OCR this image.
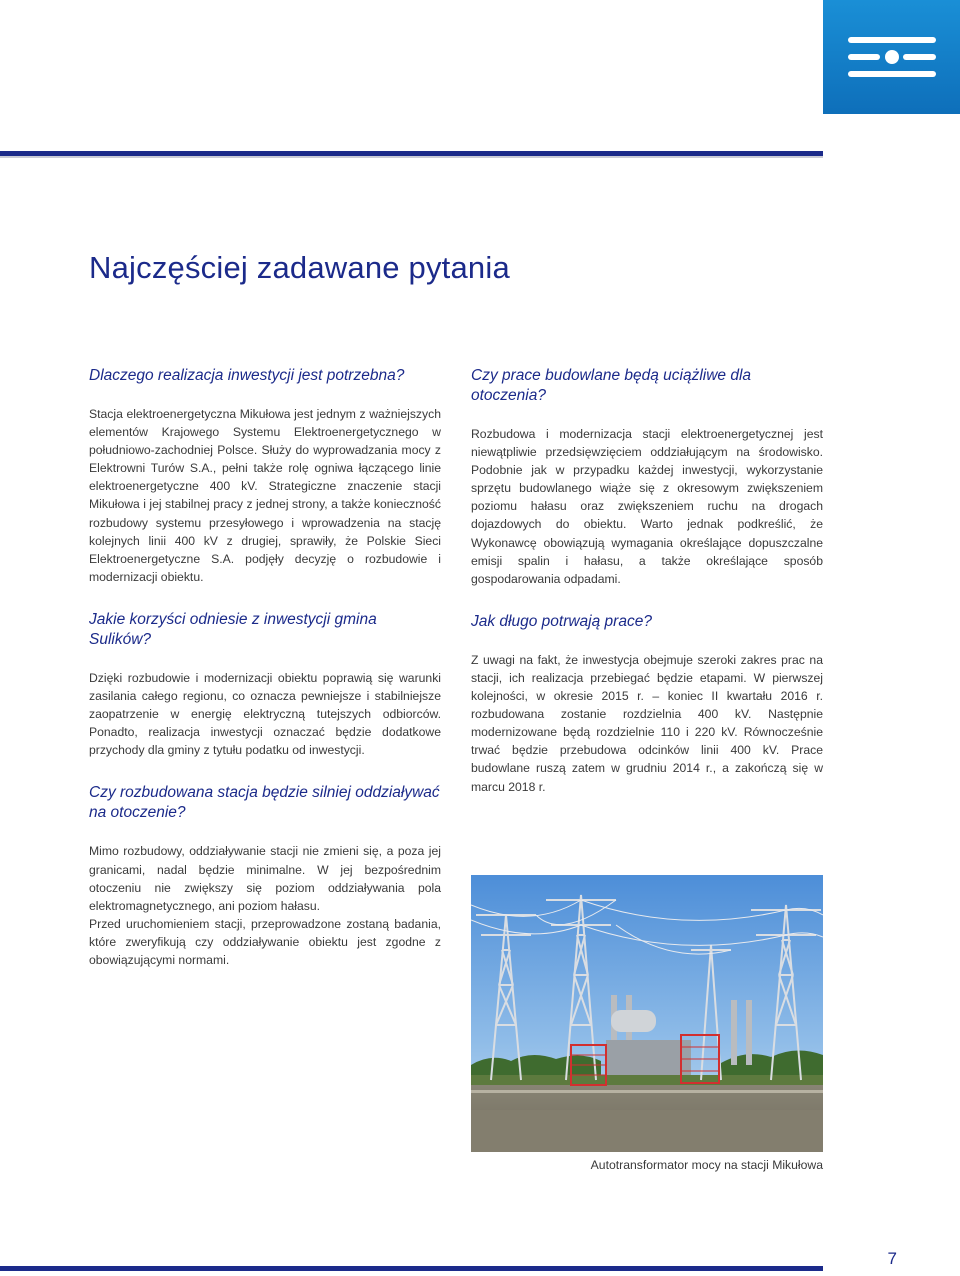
Najczęściej zadawane pytania
Dlaczego realizacja inwestycji jest potrzebna?

Stacja elektroenergetyczna Mikułowa jest jednym z ważniejszych elementów Krajowego Systemu Elektroenergetycznego w południowo-zachodniej Polsce. Służy do wyprowadzania mocy z Elektrowni Turów S.A., pełni także rolę ogniwa łączącego linie elektroenergetyczne 400 kV. Strategiczne znaczenie stacji Mikułowa i jej stabilnej pracy z jednej strony, a także konieczność rozbudowy systemu przesyłowego i wprowadzenia na stację kolejnych linii 400 kV z drugiej, sprawiły, że Polskie Sieci Elektroenergetyczne S.A. podjęły decyzję o rozbudowie i modernizacji obiektu.

Jakie korzyści odniesie z inwestycji gmina Sulików?

Dzięki rozbudowie i modernizacji obiektu poprawią się warunki zasilania całego regionu, co oznacza pewniejsze i stabilniejsze zaopatrzenie w energię elektryczną tutejszych odbiorców. Ponadto, realizacja inwestycji oznaczać będzie dodatkowe przychody dla gminy z tytułu podatku od inwestycji.

Czy rozbudowana stacja będzie silniej oddziaływać na otoczenie?

Mimo rozbudowy, oddziaływanie stacji nie zmieni się, a poza jej granicami, nadal będzie minimalne. W jej bezpośrednim otoczeniu nie zwiększy się poziom oddziaływania pola elektromagnetycznego, ani poziom hałasu.

Przed uruchomieniem stacji, przeprowadzone zostaną badania, które zweryfikują czy oddziaływanie obiektu jest zgodne z obowiązującymi normami.

Czy prace budowlane będą uciążliwe dla otoczenia?

Rozbudowa i modernizacja stacji elektroenergetycznej jest niewątpliwie przedsięwzięciem oddziałującym na środowisko. Podobnie jak w przypadku każdej inwestycji, wykorzystanie sprzętu budowlanego wiąże się z okresowym zwiększeniem poziomu hałasu oraz zwiększeniem ruchu na drogach dojazdowych do obiektu. Warto jednak podkreślić, że Wykonawcę obowiązują wymagania określające dopuszczalne emisji spalin i hałasu, a także określające sposób gospodarowania odpadami.

Jak długo potrwają prace?

Z uwagi na fakt, że inwestycja obejmuje szeroki zakres prac na stacji, ich realizacja przebiegać będzie etapami. W pierwszej kolejności, w okresie 2015 r. – koniec II kwartału 2016 r. rozbudowana zostanie rozdzielnia 400 kV. Następnie modernizowane będą rozdzielnie 110 i 220 kV. Równocześnie trwać będzie przebudowa odcinków linii 400 kV. Prace budowlane ruszą zatem w grudniu 2014 r., a zakończą się w marcu 2018 r.

Autotransformator mocy na stacji Mikułowa

7
